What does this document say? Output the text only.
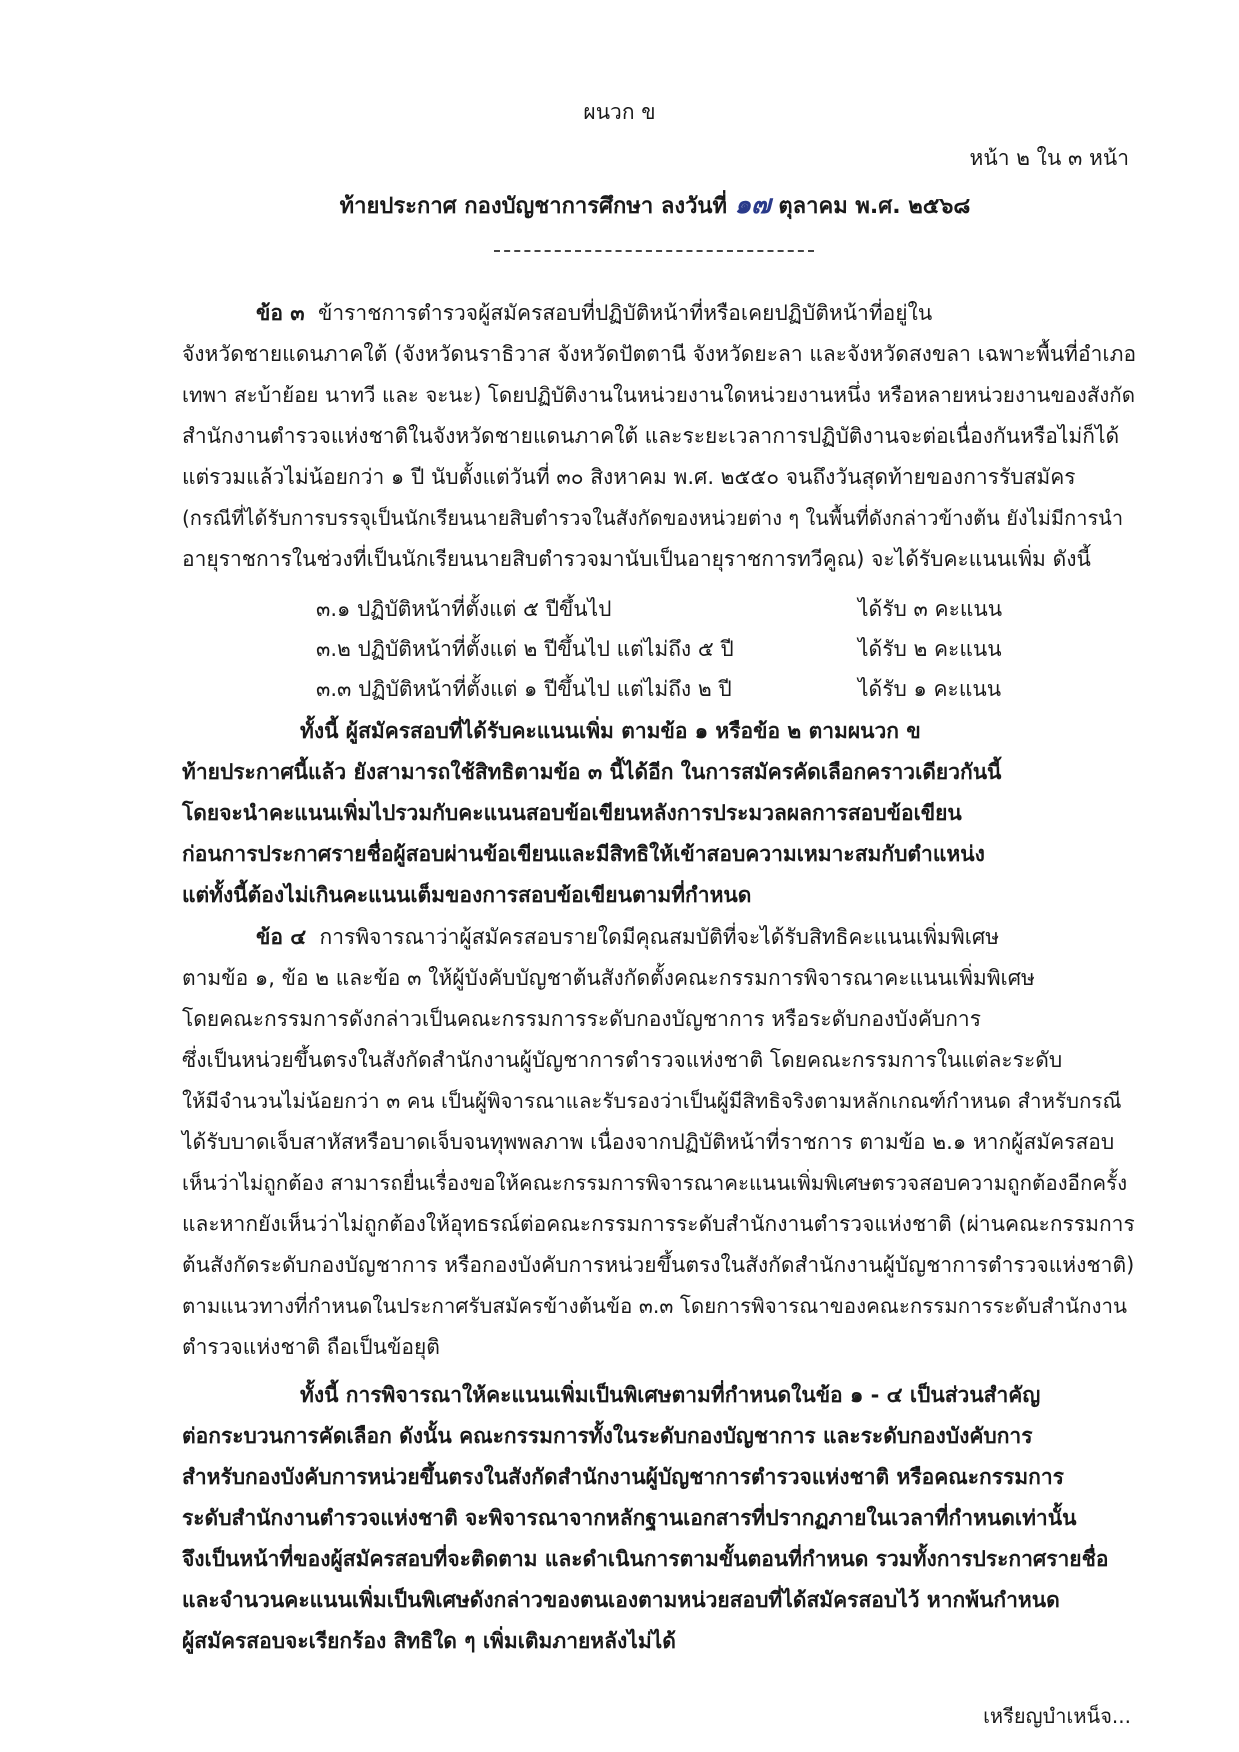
ผนวก ข
หน้า ๒ ใน ๓ หน้า
ท้ายประกาศ กองบัญชาการศึกษา ลงวันที่ ๑๗ ตุลาคม พ.ศ. ๒๕๖๘
ข้อ ๓ ข้าราชการตำรวจผู้สมัครสอบที่ปฏิบัติหน้าที่หรือเคยปฏิบัติหน้าที่อยู่ใน
จังหวัดชายแดนภาคใต้ (จังหวัดนราธิวาส จังหวัดปัตตานี จังหวัดยะลา และจังหวัดสงขลา เฉพาะพื้นที่อำเภอ
เทพา สะบ้าย้อย นาทวี และ จะนะ) โดยปฏิบัติงานในหน่วยงานใดหน่วยงานหนึ่ง หรือหลายหน่วยงานของสังกัด
สำนักงานตำรวจแห่งชาติในจังหวัดชายแดนภาคใต้ และระยะเวลาการปฏิบัติงานจะต่อเนื่องกันหรือไม่ก็ได้
แต่รวมแล้วไม่น้อยกว่า ๑ ปี นับตั้งแต่วันที่ ๓๐ สิงหาคม พ.ศ. ๒๕๕๐ จนถึงวันสุดท้ายของการรับสมัคร
(กรณีที่ได้รับการบรรจุเป็นนักเรียนนายสิบตำรวจในสังกัดของหน่วยต่าง ๆ ในพื้นที่ดังกล่าวข้างต้น ยังไม่มีการนำ
อายุราชการในช่วงที่เป็นนักเรียนนายสิบตำรวจมานับเป็นอายุราชการทวีคูณ) จะได้รับคะแนนเพิ่ม ดังนี้
๓.๑ ปฏิบัติหน้าที่ตั้งแต่ ๕ ปีขึ้นไป	ได้รับ ๓ คะแนน
๓.๒ ปฏิบัติหน้าที่ตั้งแต่ ๒ ปีขึ้นไป แต่ไม่ถึง ๕ ปี	ได้รับ ๒ คะแนน
๓.๓ ปฏิบัติหน้าที่ตั้งแต่ ๑ ปีขึ้นไป แต่ไม่ถึง ๒ ปี	ได้รับ ๑ คะแนน
ทั้งนี้ ผู้สมัครสอบที่ได้รับคะแนนเพิ่ม ตามข้อ ๑ หรือข้อ ๒ ตามผนวก ข
ท้ายประกาศนี้แล้ว ยังสามารถใช้สิทธิตามข้อ ๓ นี้ได้อีก ในการสมัครคัดเลือกคราวเดียวกันนี้
โดยจะนำคะแนนเพิ่มไปรวมกับคะแนนสอบข้อเขียนหลังการประมวลผลการสอบข้อเขียน
ก่อนการประกาศรายชื่อผู้สอบผ่านข้อเขียนและมีสิทธิให้เข้าสอบความเหมาะสมกับตำแหน่ง
แต่ทั้งนี้ต้องไม่เกินคะแนนเต็มของการสอบข้อเขียนตามที่กำหนด
ข้อ ๔ การพิจารณาว่าผู้สมัครสอบรายใดมีคุณสมบัติที่จะได้รับสิทธิคะแนนเพิ่มพิเศษ
ตามข้อ ๑, ข้อ ๒ และข้อ ๓ ให้ผู้บังคับบัญชาต้นสังกัดตั้งคณะกรรมการพิจารณาคะแนนเพิ่มพิเศษ
โดยคณะกรรมการดังกล่าวเป็นคณะกรรมการระดับกองบัญชาการ หรือระดับกองบังคับการ
ซึ่งเป็นหน่วยขึ้นตรงในสังกัดสำนักงานผู้บัญชาการตำรวจแห่งชาติ โดยคณะกรรมการในแต่ละระดับ
ให้มีจำนวนไม่น้อยกว่า ๓ คน เป็นผู้พิจารณาและรับรองว่าเป็นผู้มีสิทธิจริงตามหลักเกณฑ์กำหนด สำหรับกรณี
ได้รับบาดเจ็บสาหัสหรือบาดเจ็บจนทุพพลภาพ เนื่องจากปฏิบัติหน้าที่ราชการ ตามข้อ ๒.๑ หากผู้สมัครสอบ
เห็นว่าไม่ถูกต้อง สามารถยื่นเรื่องขอให้คณะกรรมการพิจารณาคะแนนเพิ่มพิเศษตรวจสอบความถูกต้องอีกครั้ง
และหากยังเห็นว่าไม่ถูกต้องให้อุทธรณ์ต่อคณะกรรมการระดับสำนักงานตำรวจแห่งชาติ (ผ่านคณะกรรมการ
ต้นสังกัดระดับกองบัญชาการ หรือกองบังคับการหน่วยขึ้นตรงในสังกัดสำนักงานผู้บัญชาการตำรวจแห่งชาติ)
ตามแนวทางที่กำหนดในประกาศรับสมัครข้างต้นข้อ ๓.๓ โดยการพิจารณาของคณะกรรมการระดับสำนักงาน
ตำรวจแห่งชาติ ถือเป็นข้อยุติ
ทั้งนี้ การพิจารณาให้คะแนนเพิ่มเป็นพิเศษตามที่กำหนดในข้อ ๑ - ๔ เป็นส่วนสำคัญ
ต่อกระบวนการคัดเลือก ดังนั้น คณะกรรมการทั้งในระดับกองบัญชาการ และระดับกองบังคับการ
สำหรับกองบังคับการหน่วยขึ้นตรงในสังกัดสำนักงานผู้บัญชาการตำรวจแห่งชาติ หรือคณะกรรมการ
ระดับสำนักงานตำรวจแห่งชาติ จะพิจารณาจากหลักฐานเอกสารที่ปรากฏภายในเวลาที่กำหนดเท่านั้น
จึงเป็นหน้าที่ของผู้สมัครสอบที่จะติดตาม และดำเนินการตามขั้นตอนที่กำหนด รวมทั้งการประกาศรายชื่อ
และจำนวนคะแนนเพิ่มเป็นพิเศษดังกล่าวของตนเองตามหน่วยสอบที่ได้สมัครสอบไว้ หากพ้นกำหนด
ผู้สมัครสอบจะเรียกร้อง สิทธิใด ๆ เพิ่มเติมภายหลังไม่ได้
เหรียญบำเหน็จ...
